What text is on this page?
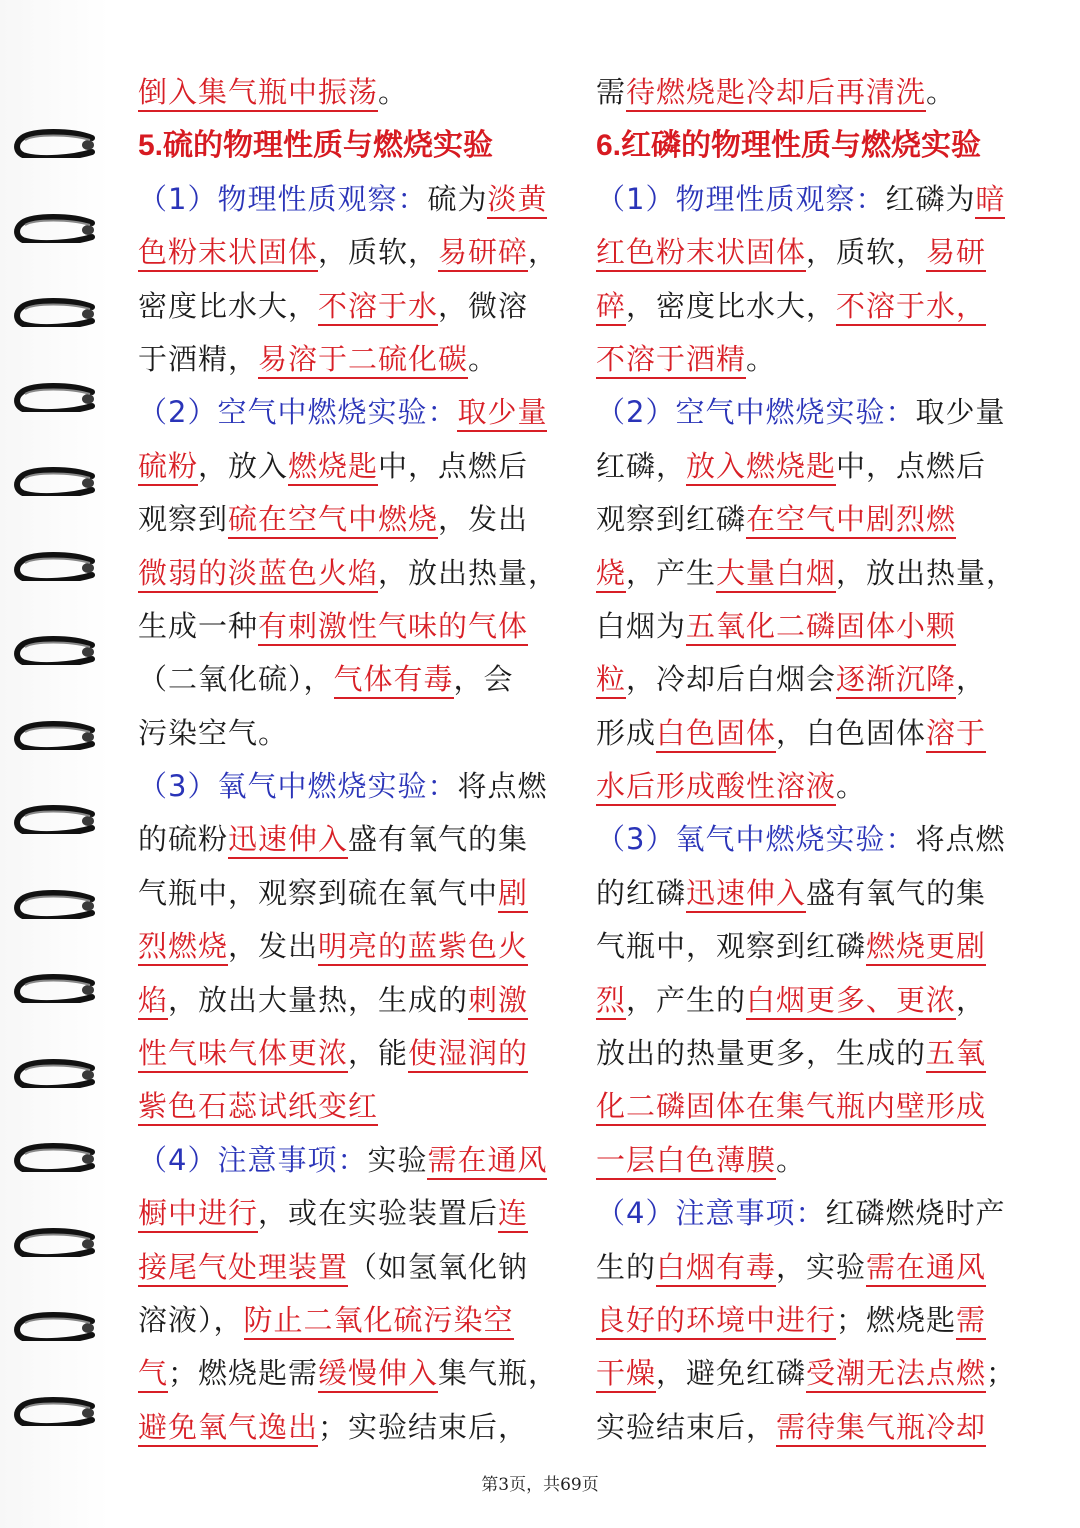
倒入集气瓶中振荡。
5.硫的物理性质与燃烧实验
（1）物理性质观察：硫为淡黄
色粉末状固体，质软，易研碎，
密度比水大，不溶于水，微溶
于酒精，易溶于二硫化碳。
（2）空气中燃烧实验：取少量
硫粉，放入燃烧匙中，点燃后
观察到硫在空气中燃烧，发出
微弱的淡蓝色火焰，放出热量，
生成一种有刺激性气味的气体
（二氧化硫），气体有毒，会
污染空气。
（3）氧气中燃烧实验：将点燃
的硫粉迅速伸入盛有氧气的集
气瓶中，观察到硫在氧气中剧
烈燃烧，发出明亮的蓝紫色火
焰，放出大量热，生成的刺激
性气味气体更浓，能使湿润的
紫色石蕊试纸变红
（4）注意事项：实验需在通风
橱中进行，或在实验装置后连
接尾气处理装置（如氢氧化钠
溶液），防止二氧化硫污染空
气；燃烧匙需缓慢伸入集气瓶，
避免氧气逸出；实验结束后，
需待燃烧匙冷却后再清洗。
6.红磷的物理性质与燃烧实验
（1）物理性质观察：红磷为暗
红色粉末状固体，质软，易研
碎，密度比水大，不溶于水，
不溶于酒精。
（2）空气中燃烧实验：取少量
红磷，放入燃烧匙中，点燃后
观察到红磷在空气中剧烈燃
烧，产生大量白烟，放出热量，
白烟为五氧化二磷固体小颗
粒，冷却后白烟会逐渐沉降，
形成白色固体，白色固体溶于
水后形成酸性溶液。
（3）氧气中燃烧实验：将点燃
的红磷迅速伸入盛有氧气的集
气瓶中，观察到红磷燃烧更剧
烈，产生的白烟更多、更浓，
放出的热量更多，生成的五氧
化二磷固体在集气瓶内壁形成
一层白色薄膜。
（4）注意事项：红磷燃烧时产
生的白烟有毒，实验需在通风
良好的环境中进行；燃烧匙需
干燥，避免红磷受潮无法点燃；
实验结束后，需待集气瓶冷却
第3页，共69页
